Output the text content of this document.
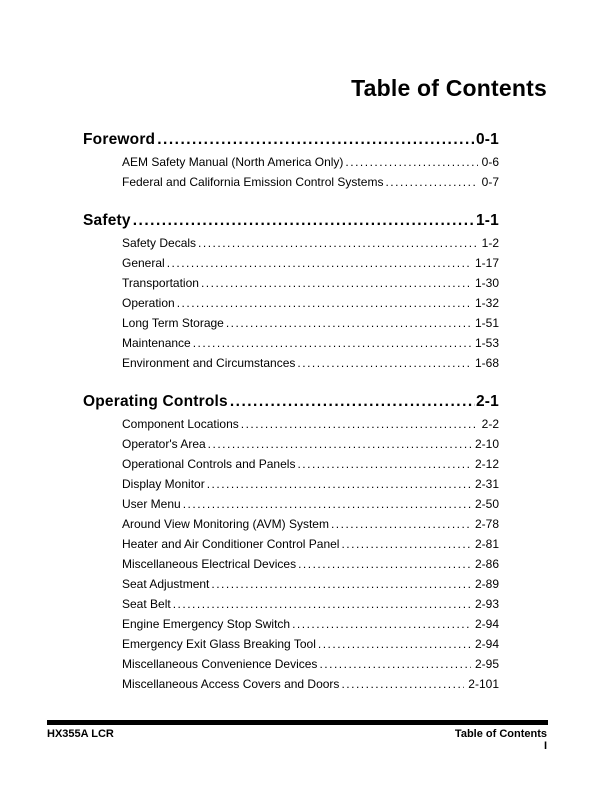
Table of Contents
Foreword .....	0-1
AEM Safety Manual (North America Only) .....	0-6
Federal and California Emission Control Systems .....	0-7
Safety .....	1-1
Safety Decals .....	1-2
General .....	1-17
Transportation .....	1-30
Operation .....	1-32
Long Term Storage .....	1-51
Maintenance .....	1-53
Environment and Circumstances .....	1-68
Operating Controls .....	2-1
Component Locations .....	2-2
Operator's Area .....	2-10
Operational Controls and Panels .....	2-12
Display Monitor .....	2-31
User Menu .....	2-50
Around View Monitoring (AVM) System .....	2-78
Heater and Air Conditioner Control Panel .....	2-81
Miscellaneous Electrical Devices .....	2-86
Seat Adjustment .....	2-89
Seat Belt .....	2-93
Engine Emergency Stop Switch .....	2-94
Emergency Exit Glass Breaking Tool .....	2-94
Miscellaneous Convenience Devices .....	2-95
Miscellaneous Access Covers and Doors .....	2-101
HX355A LCR	Table of Contents
I
